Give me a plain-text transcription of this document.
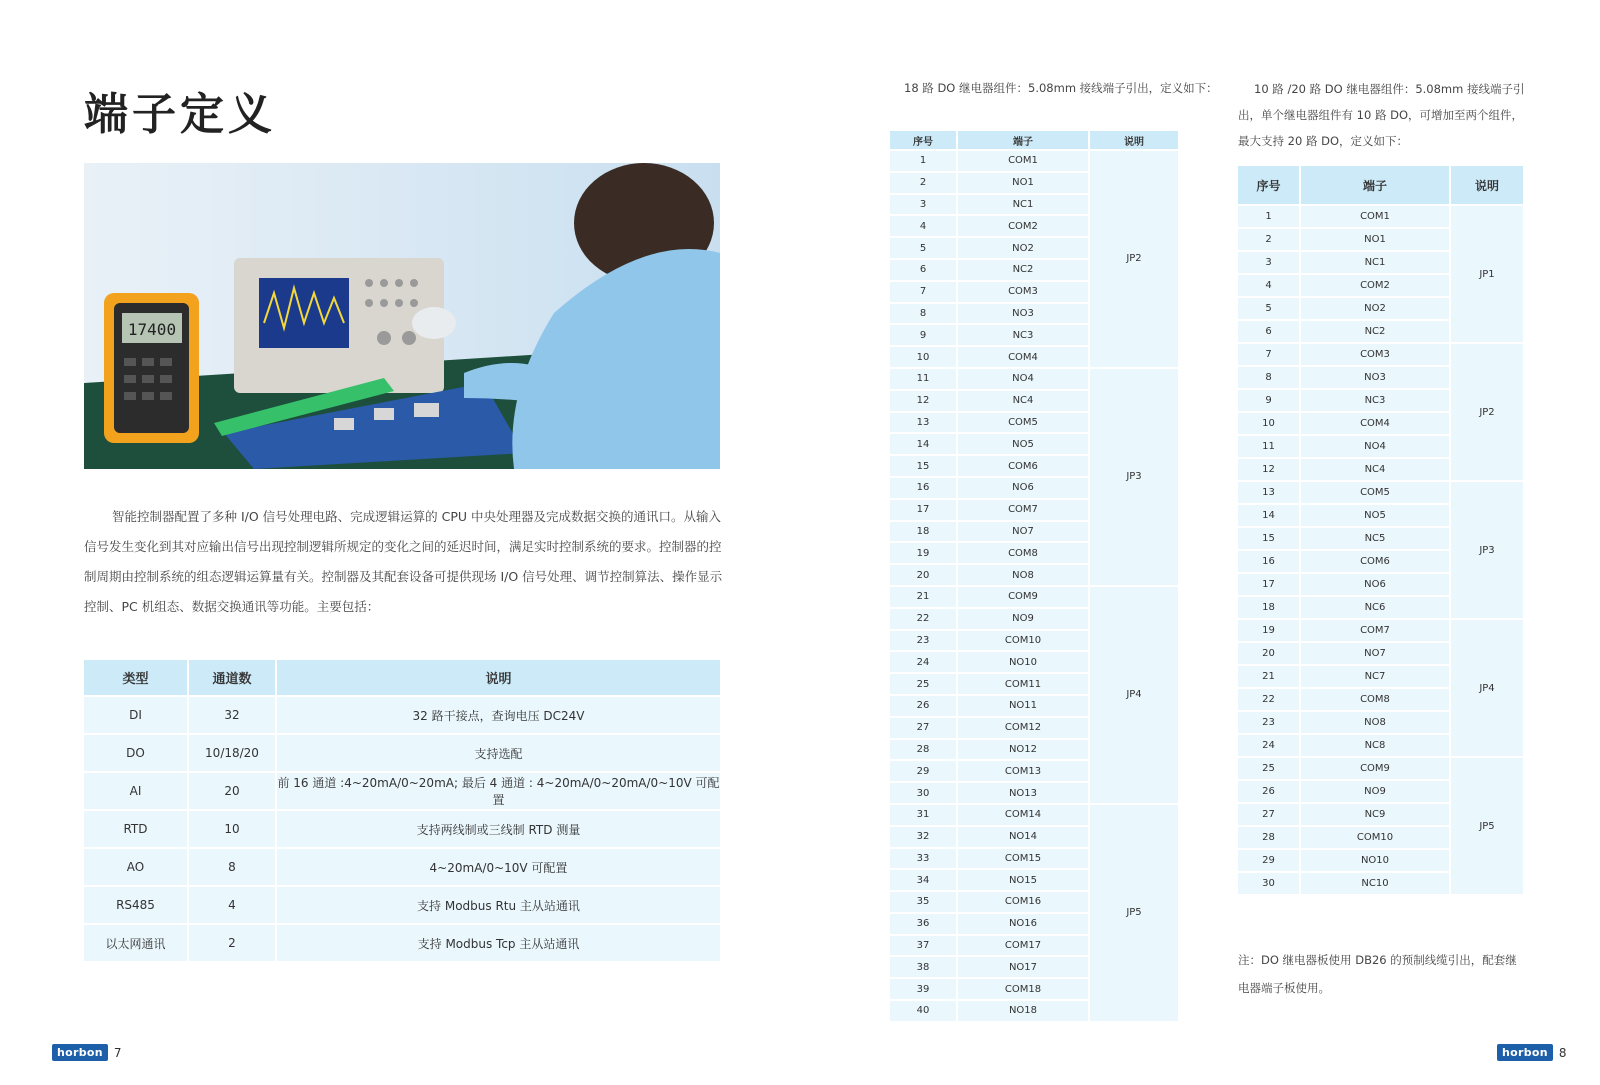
端子定义
17400

智能控制器配置了多种 I/O 信号处理电路、完成逻辑运算的 CPU 中央处理器及完成数据交换的通讯口。从输入信号发生变化到其对应输出信号出现控制逻辑所规定的变化之间的延迟时间，满足实时控制系统的要求。控制器的控制周期由控制系统的组态逻辑运算量有关。控制器及其配套设备可提供现场 I/O 信号处理、调节控制算法、操作显示控制、PC 机组态、数据交换通讯等功能。主要包括：

类型	通道数	说明
DI	32	32 路干接点，查询电压 DC24V
DO	10/18/20	支持选配
AI	20	前 16 通道 :4~20mA/0~20mA; 最后 4 通道 : 4~20mA/0~20mA/0~10V 可配置
RTD	10	支持两线制或三线制 RTD 测量
AO	8	4~20mA/0~10V 可配置
RS485	4	支持 Modbus Rtu 主从站通讯
以太网通讯	2	支持 Modbus Tcp 主从站通讯
18 路 DO 继电器组件：5.08mm 接线端子引出，定义如下：
序号	端子	说明
1	COM1	JP2
2	NO1	
3	NC1	
4	COM2	
5	NO2	
6	NC2	
7	COM3	
8	NO3	
9	NC3	
10	COM4	
11	NO4	JP3
12	NC4	
13	COM5	
14	NO5	
15	COM6	
16	NO6	
17	COM7	
18	NO7	
19	COM8	
20	NO8	
21	COM9	JP4
22	NO9	
23	COM10	
24	NO10	
25	COM11	
26	NO11	
27	COM12	
28	NO12	
29	COM13	
30	NO13	
31	COM14	JP5
32	NO14	
33	COM15	
34	NO15	
35	COM16	
36	NO16	
37	COM17	
38	NO17	
39	COM18	
40	NO18	
10 路 /20 路 DO 继电器组件：5.08mm 接线端子引出，单个继电器组件有 10 路 DO，可增加至两个组件，最大支持 20 路 DO，定义如下：
序号	端子	说明
1	COM1	JP1
2	NO1	
3	NC1	
4	COM2	
5	NO2	
6	NC2	
7	COM3	JP2
8	NO3	
9	NC3	
10	COM4	
11	NO4	
12	NC4	
13	COM5	JP3
14	NO5	
15	NC5	
16	COM6	
17	NO6	
18	NC6	
19	COM7	JP4
20	NO7	
21	NC7	
22	COM8	
23	NO8	
24	NC8	
25	COM9	JP5
26	NO9	
27	NC9	
28	COM10	
29	NO10	
30	NC10	

注：DO 继电器板使用 DB26 的预制线缆引出，配套继电器端子板使用。

horbon 7	horbon 8
